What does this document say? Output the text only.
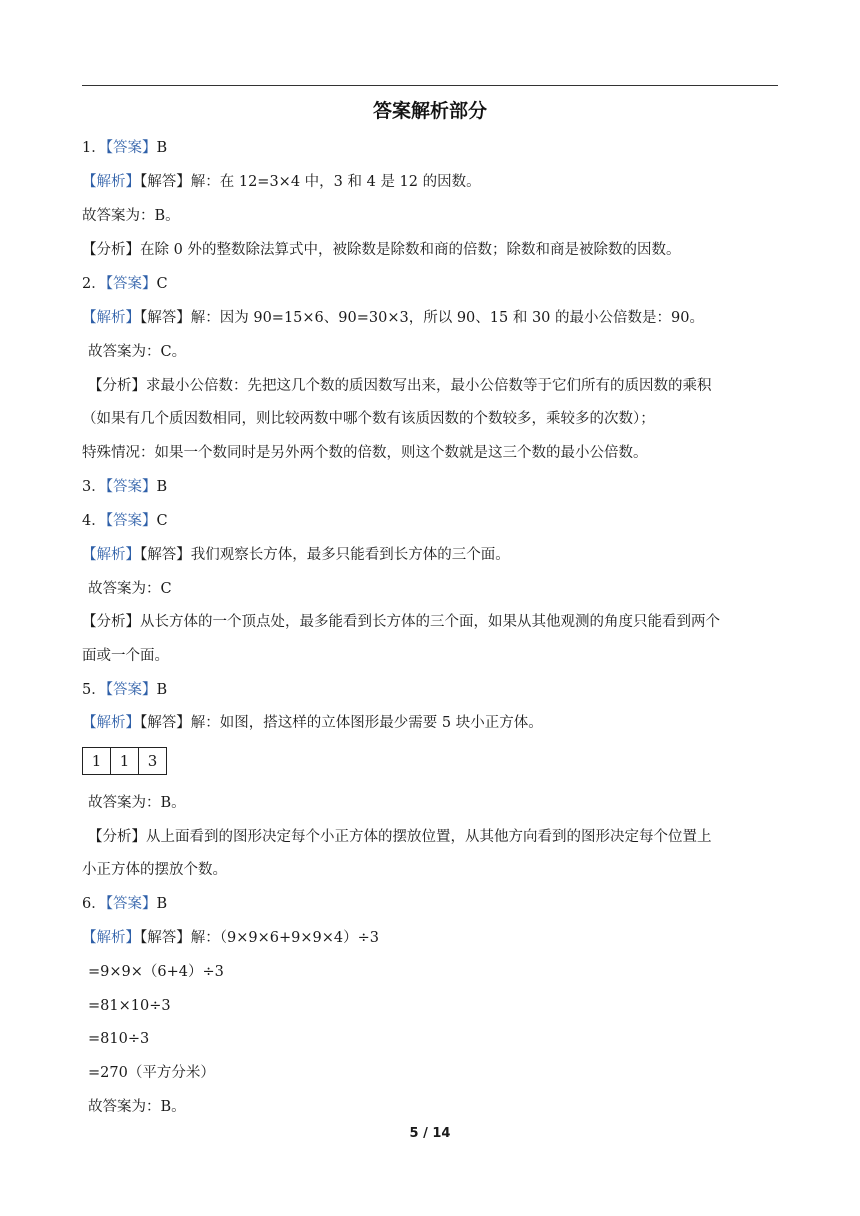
答案解析部分
1．【答案】B
【解析】【解答】解：在 12=3×4 中，3 和 4 是 12 的因数。
故答案为：B。
【分析】在除 0 外的整数除法算式中，被除数是除数和商的倍数；除数和商是被除数的因数。
2．【答案】C
【解析】【解答】解：因为 90=15×6、90=30×3，所以 90、15 和 30 的最小公倍数是：90。
故答案为：C。
【分析】求最小公倍数：先把这几个数的质因数写出来，最小公倍数等于它们所有的质因数的乘积
（如果有几个质因数相同，则比较两数中哪个数有该质因数的个数较多，乘较多的次数）；
特殊情况：如果一个数同时是另外两个数的倍数，则这个数就是这三个数的最小公倍数。
3．【答案】B
4．【答案】C
【解析】【解答】我们观察长方体，最多只能看到长方体的三个面。
故答案为：C
【分析】从长方体的一个顶点处，最多能看到长方体的三个面，如果从其他观测的角度只能看到两个
面或一个面。
5．【答案】B
【解析】【解答】解：如图，搭这样的立体图形最少需要 5 块小正方体。
1	1	3
故答案为：B。
【分析】从上面看到的图形决定每个小正方体的摆放位置，从其他方向看到的图形决定每个位置上
小正方体的摆放个数。
6．【答案】B
【解析】【解答】解：（9×9×6+9×9×4）÷3
=9×9×（6+4）÷3
=81×10÷3
=810÷3
=270（平方分米）
故答案为：B。
5 / 14
